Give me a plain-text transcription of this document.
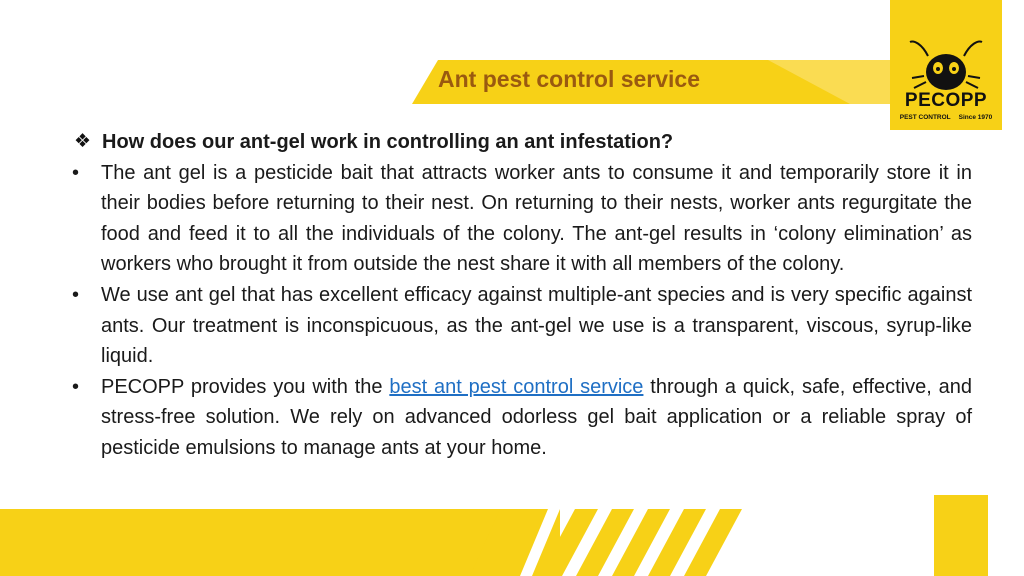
Ant pest control service
PECOPP
PEST CONTROL Since 1970
❖ How does our ant-gel work in controlling an ant infestation?
• The ant gel is a pesticide bait that attracts worker ants to consume it and temporarily store it in their bodies before returning to their nest. On returning to their nests, worker ants regurgitate the food and feed it to all the individuals of the colony. The ant-gel results in ‘colony elimination’ as workers who brought it from outside the nest share it with all members of the colony.
• We use ant gel that has excellent efficacy against multiple-ant species and is very specific against ants. Our treatment is inconspicuous, as the ant-gel we use is a transparent, viscous, syrup-like liquid.
• PECOPP provides you with the best ant pest control service through a quick, safe, effective, and stress-free solution. We rely on advanced odorless gel bait application or a reliable spray of pesticide emulsions to manage ants at your home.
